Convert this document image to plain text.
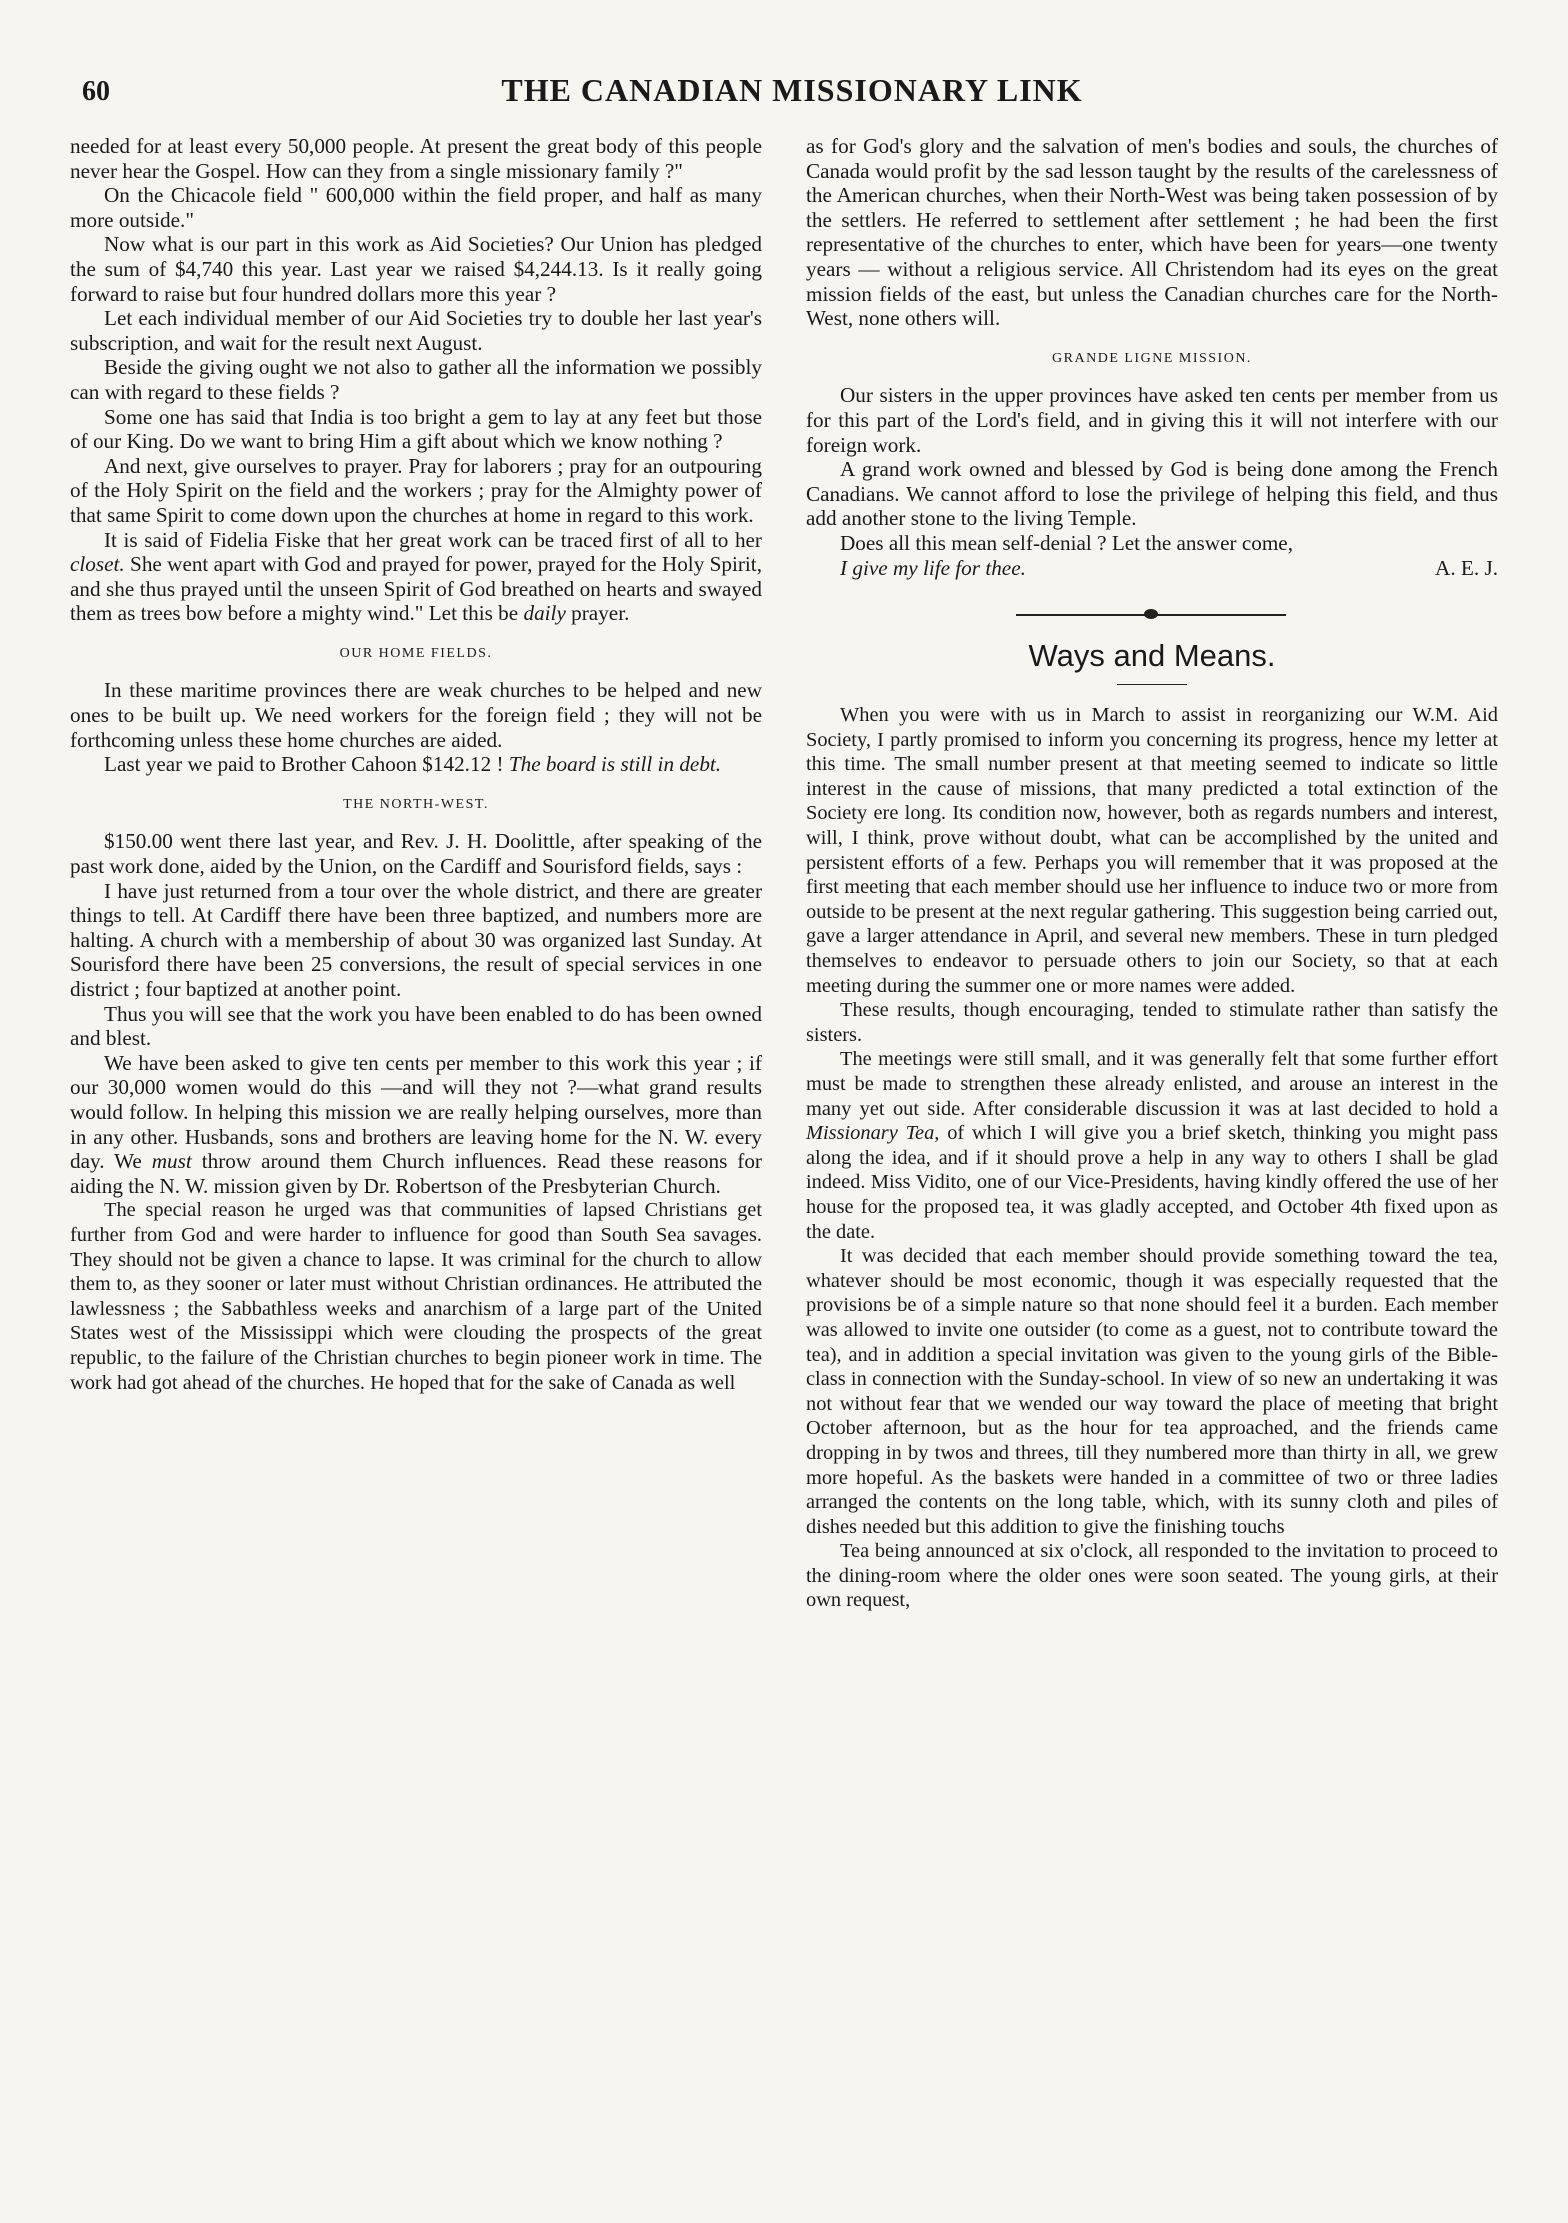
60	THE CANADIAN MISSIONARY LINK

needed for at least every 50,000 people. At present the great body of this people never hear the Gospel. How can they from a single missionary family ?"

On the Chicacole field " 600,000 within the field proper, and half as many more outside."

Now what is our part in this work as Aid Societies? Our Union has pledged the sum of $4,740 this year. Last year we raised $4,244.13. Is it really going forward to raise but four hundred dollars more this year ?

Let each individual member of our Aid Societies try to double her last year's subscription, and wait for the result next August.

Beside the giving ought we not also to gather all the information we possibly can with regard to these fields ?

Some one has said that India is too bright a gem to lay at any feet but those of our King. Do we want to bring Him a gift about which we know nothing ?

And next, give ourselves to prayer. Pray for laborers ; pray for an outpouring of the Holy Spirit on the field and the workers ; pray for the Almighty power of that same Spirit to come down upon the churches at home in regard to this work.

It is said of Fidelia Fiske that her great work can be traced first of all to her closet. She went apart with God and prayed for power, prayed for the Holy Spirit, and she thus prayed until the unseen Spirit of God breathed on hearts and swayed them as trees bow before a mighty wind." Let this be daily prayer.

OUR HOME FIELDS.

In these maritime provinces there are weak churches to be helped and new ones to be built up. We need workers for the foreign field ; they will not be forthcoming unless these home churches are aided.

Last year we paid to Brother Cahoon $142.12 ! The board is still in debt.

THE NORTH-WEST.

$150.00 went there last year, and Rev. J. H. Doolittle, after speaking of the past work done, aided by the Union, on the Cardiff and Sourisford fields, says :

I have just returned from a tour over the whole district, and there are greater things to tell. At Cardiff there have been three baptized, and numbers more are halting. A church with a membership of about 30 was organized last Sunday. At Sourisford there have been 25 conversions, the result of special services in one district ; four baptized at another point.

Thus you will see that the work you have been enabled to do has been owned and blest.

We have been asked to give ten cents per member to this work this year ; if our 30,000 women would do this —and will they not ?—what grand results would follow. In helping this mission we are really helping ourselves, more than in any other. Husbands, sons and brothers are leaving home for the N. W. every day. We must throw around them Church influences. Read these reasons for aiding the N. W. mission given by Dr. Robertson of the Presbyterian Church.

The special reason he urged was that communities of lapsed Christians get further from God and were harder to influence for good than South Sea savages. They should not be given a chance to lapse. It was criminal for the church to allow them to, as they sooner or later must without Christian ordinances. He attributed the lawlessness ; the Sabbathless weeks and anarchism of a large part of the United States west of the Mississippi which were clouding the prospects of the great republic, to the failure of the Christian churches to begin pioneer work in time. The work had got ahead of the churches. He hoped that for the sake of Canada as well

as for God's glory and the salvation of men's bodies and souls, the churches of Canada would profit by the sad lesson taught by the results of the carelessness of the American churches, when their North-West was being taken possession of by the settlers. He referred to settlement after settlement ; he had been the first representative of the churches to enter, which have been for years—one twenty years — without a religious service. All Christendom had its eyes on the great mission fields of the east, but unless the Canadian churches care for the North-West, none others will.

GRANDE LIGNE MISSION.

Our sisters in the upper provinces have asked ten cents per member from us for this part of the Lord's field, and in giving this it will not interfere with our foreign work.

A grand work owned and blessed by God is being done among the French Canadians. We cannot afford to lose the privilege of helping this field, and thus add another stone to the living Temple.

Does all this mean self-denial ? Let the answer come,

I give my life for thee.	A. E. J.
Ways and Means.

When you were with us in March to assist in reorganizing our W.M. Aid Society, I partly promised to inform you concerning its progress, hence my letter at this time. The small number present at that meeting seemed to indicate so little interest in the cause of missions, that many predicted a total extinction of the Society ere long. Its condition now, however, both as regards numbers and interest, will, I think, prove without doubt, what can be accomplished by the united and persistent efforts of a few. Perhaps you will remember that it was proposed at the first meeting that each member should use her influence to induce two or more from outside to be present at the next regular gathering. This suggestion being carried out, gave a larger attendance in April, and several new members. These in turn pledged themselves to endeavor to persuade others to join our Society, so that at each meeting during the summer one or more names were added.

These results, though encouraging, tended to stimulate rather than satisfy the sisters.

The meetings were still small, and it was generally felt that some further effort must be made to strengthen these already enlisted, and arouse an interest in the many yet out side. After considerable discussion it was at last decided to hold a Missionary Tea, of which I will give you a brief sketch, thinking you might pass along the idea, and if it should prove a help in any way to others I shall be glad indeed. Miss Vidito, one of our Vice-Presidents, having kindly offered the use of her house for the proposed tea, it was gladly accepted, and October 4th fixed upon as the date.

It was decided that each member should provide something toward the tea, whatever should be most economic, though it was especially requested that the provisions be of a simple nature so that none should feel it a burden. Each member was allowed to invite one outsider (to come as a guest, not to contribute toward the tea), and in addition a special invitation was given to the young girls of the Bible-class in connection with the Sunday-school. In view of so new an undertaking it was not without fear that we wended our way toward the place of meeting that bright October afternoon, but as the hour for tea approached, and the friends came dropping in by twos and threes, till they numbered more than thirty in all, we grew more hopeful. As the baskets were handed in a committee of two or three ladies arranged the contents on the long table, which, with its sunny cloth and piles of dishes needed but this addition to give the finishing touchs

Tea being announced at six o'clock, all responded to the invitation to proceed to the dining-room where the older ones were soon seated. The young girls, at their own request,
